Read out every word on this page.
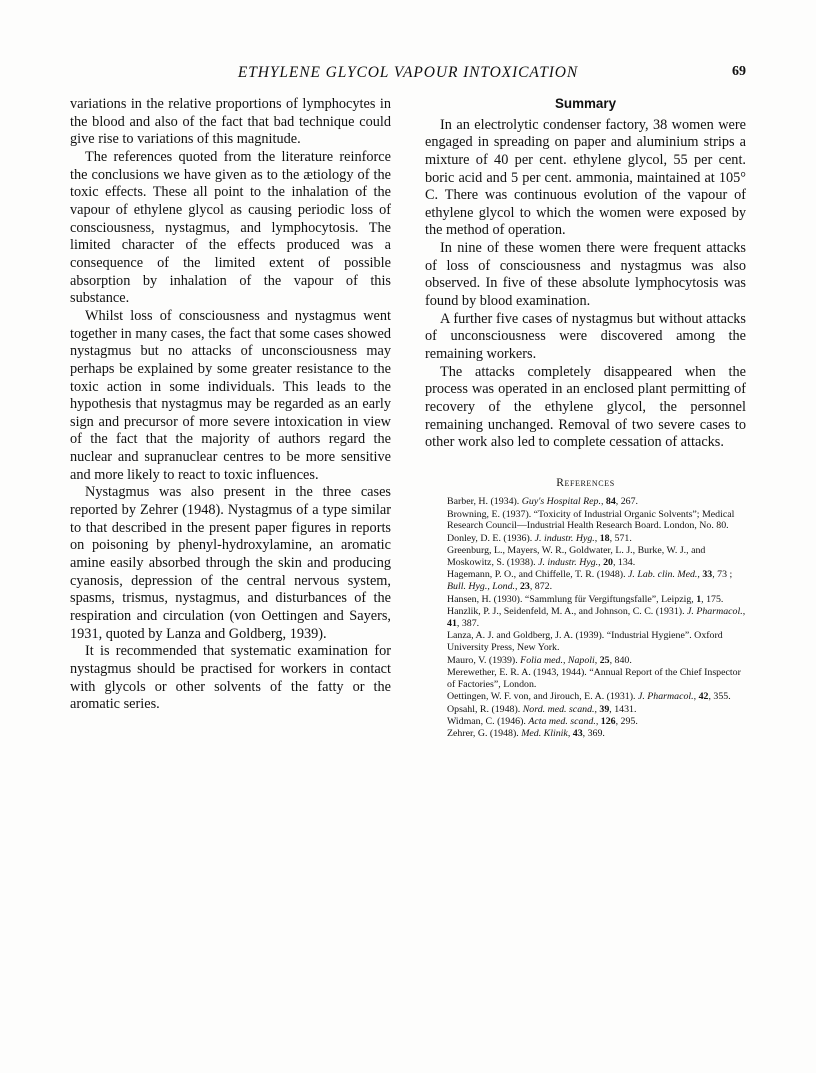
ETHYLENE GLYCOL VAPOUR INTOXICATION	69

variations in the relative proportions of lymphocytes in the blood and also of the fact that bad technique could give rise to variations of this magnitude.

The references quoted from the literature reinforce the conclusions we have given as to the ætiology of the toxic effects. These all point to the inhalation of the vapour of ethylene glycol as causing periodic loss of consciousness, nystagmus, and lymphocytosis. The limited character of the effects produced was a consequence of the limited extent of possible absorption by inhalation of the vapour of this substance.

Whilst loss of consciousness and nystagmus went together in many cases, the fact that some cases showed nystagmus but no attacks of unconsciousness may perhaps be explained by some greater resistance to the toxic action in some individuals. This leads to the hypothesis that nystagmus may be regarded as an early sign and precursor of more severe intoxication in view of the fact that the majority of authors regard the nuclear and supranuclear centres to be more sensitive and more likely to react to toxic influences.

Nystagmus was also present in the three cases reported by Zehrer (1948). Nystagmus of a type similar to that described in the present paper figures in reports on poisoning by phenyl-hydroxylamine, an aromatic amine easily absorbed through the skin and producing cyanosis, depression of the central nervous system, spasms, trismus, nystagmus, and disturbances of the respiration and circulation (von Oettingen and Sayers, 1931, quoted by Lanza and Goldberg, 1939).

It is recommended that systematic examination for nystagmus should be practised for workers in contact with glycols or other solvents of the fatty or the aromatic series.

Summary

In an electrolytic condenser factory, 38 women were engaged in spreading on paper and aluminium strips a mixture of 40 per cent. ethylene glycol, 55 per cent. boric acid and 5 per cent. ammonia, maintained at 105° C. There was continuous evolution of the vapour of ethylene glycol to which the women were exposed by the method of operation.

In nine of these women there were frequent attacks of loss of consciousness and nystagmus was also observed. In five of these absolute lymphocytosis was found by blood examination.

A further five cases of nystagmus but without attacks of unconsciousness were discovered among the remaining workers.

The attacks completely disappeared when the process was operated in an enclosed plant permitting of recovery of the ethylene glycol, the personnel remaining unchanged. Removal of two severe cases to other work also led to complete cessation of attacks.

References

Barber, H. (1934). Guy's Hospital Rep., 84, 267.

Browning, E. (1937). “Toxicity of Industrial Organic Solvents”; Medical Research Council—Industrial Health Research Board. London, No. 80.

Donley, D. E. (1936). J. industr. Hyg., 18, 571.

Greenburg, L., Mayers, W. R., Goldwater, L. J., Burke, W. J., and Moskowitz, S. (1938). J. industr. Hyg., 20, 134.

Hagemann, P. O., and Chiffelle, T. R. (1948). J. Lab. clin. Med., 33, 73 ; Bull. Hyg., Lond., 23, 872.

Hansen, H. (1930). “Sammlung für Vergiftungsfalle”, Leipzig, 1, 175.

Hanzlik, P. J., Seidenfeld, M. A., and Johnson, C. C. (1931). J. Pharmacol., 41, 387.

Lanza, A. J. and Goldberg, J. A. (1939). “Industrial Hygiene”. Oxford University Press, New York.

Mauro, V. (1939). Folia med., Napoli, 25, 840.

Merewether, E. R. A. (1943, 1944). “Annual Report of the Chief Inspector of Factories”, London.

Oettingen, W. F. von, and Jirouch, E. A. (1931). J. Pharmacol., 42, 355.

Opsahl, R. (1948). Nord. med. scand., 39, 1431.

Widman, C. (1946). Acta med. scand., 126, 295.

Zehrer, G. (1948). Med. Klinik, 43, 369.
